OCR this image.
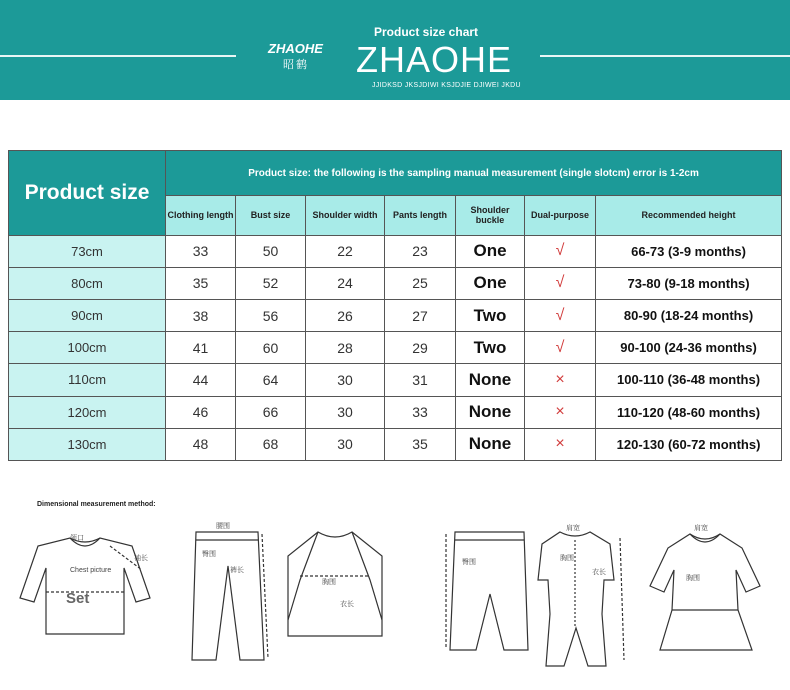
ZHAOHE
昭鹤
Product size chart
ZHAOHE
JJIDKSD JKSJDIWI KSJDJIE DJIWEI JKDU
Product size	Product size: the following is the sampling manual measurement (single slotcm) error is 1-2cm						
	Clothing length	Bust size	Shoulder width	Pants length	Shoulder buckle	Dual-purpose	Recommended height
73cm	33	50	22	23	One	√	66-73 (3-9 months)
80cm	35	52	24	25	One	√	73-80 (9-18 months)
90cm	38	56	26	27	Two	√	80-90 (18-24 months)
100cm	41	60	28	29	Two	√	90-100 (24-36 months)
110cm	44	64	30	31	None	×	100-110 (36-48 months)
120cm	46	66	30	33	None	×	110-120 (48-60 months)
130cm	48	68	30	35	None	×	120-130 (60-72 months)
Dimensional measurement method:
领口
Chest picture
袖长
腰围
臀围
裤长
胸围
衣长
臀围
肩宽
胸围
衣长
肩宽
胸围
Set
